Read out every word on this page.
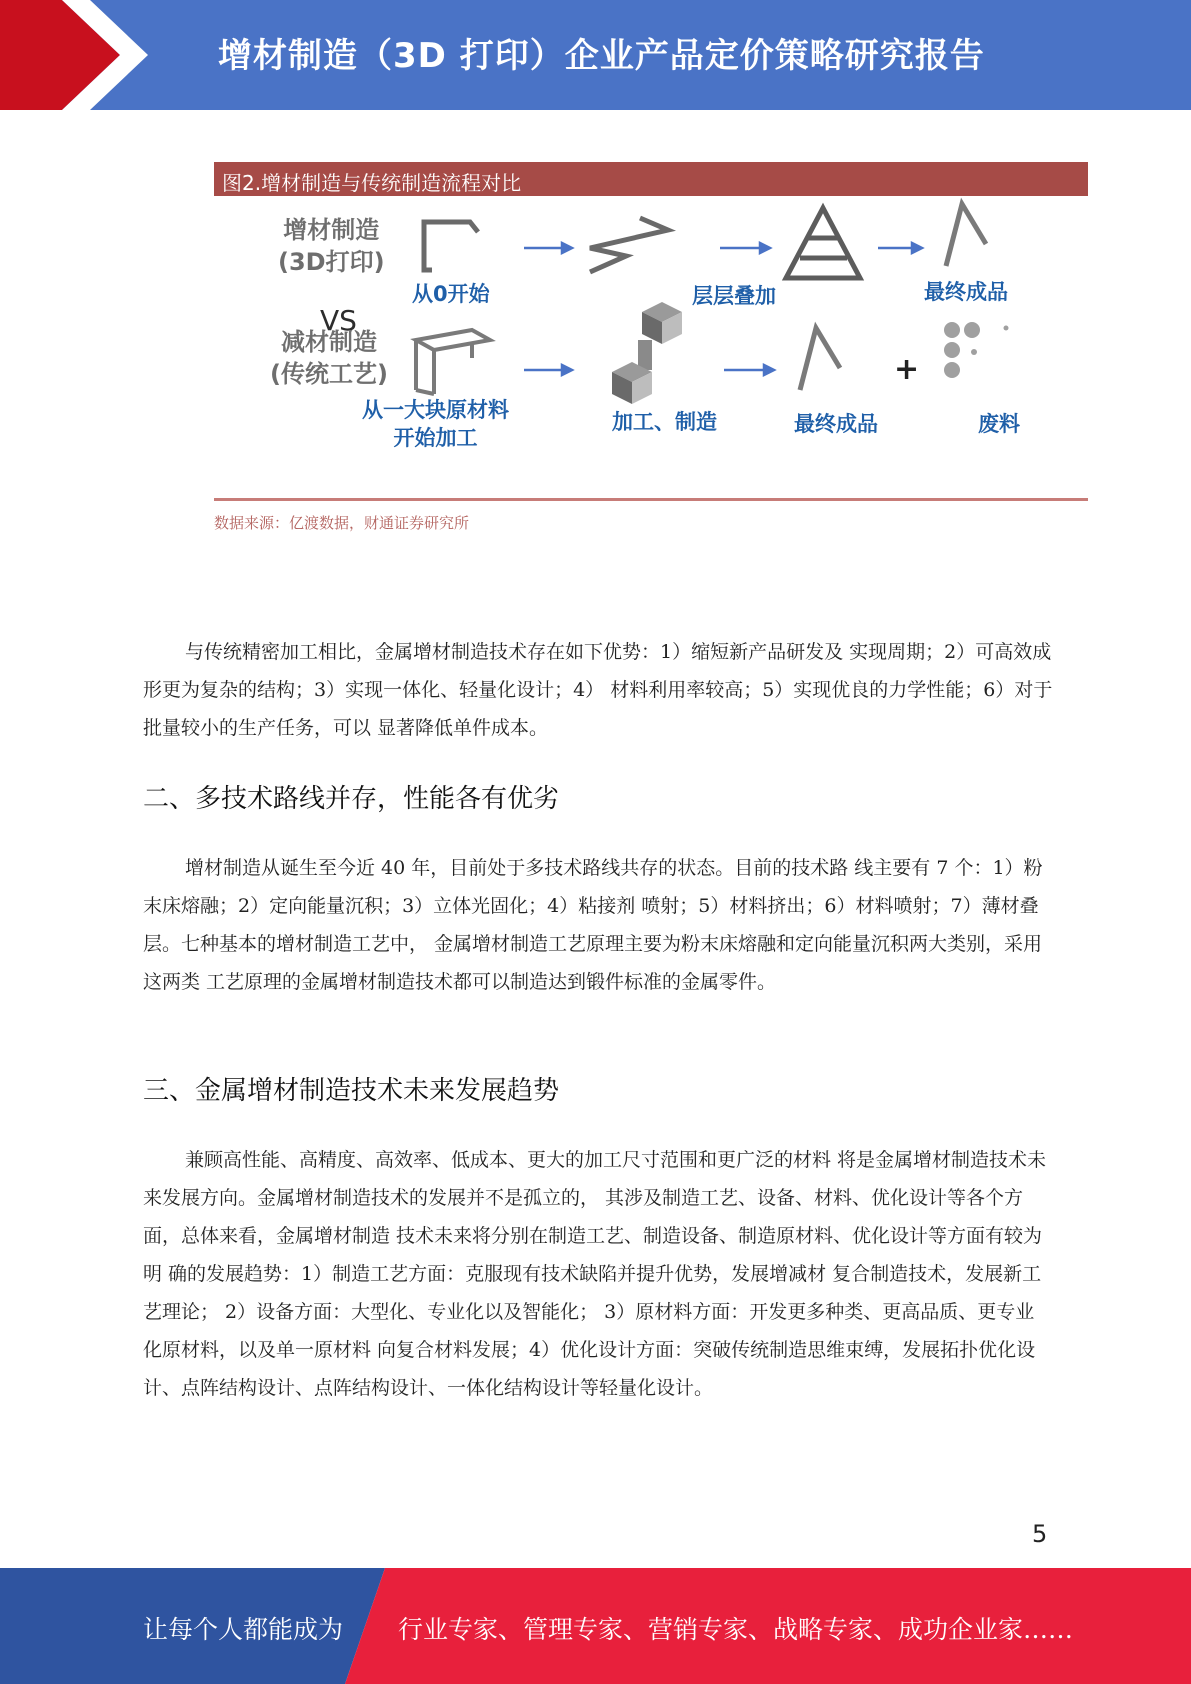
增材制造（3D 打印）企业产品定价策略研究报告
图2.增材制造与传统制造流程对比
增材制造
(3D打印)
VS
减材制造
(传统工艺)
从0开始	层层叠加	最终成品
从一大块原材料
开始加工
加工、制造	最终成品
+
废料
数据来源：亿渡数据，财通证券研究所

与传统精密加工相比，金属增材制造技术存在如下优势：1）缩短新产品研发及 实现周期；2）可高效成形更为复杂的结构；3）实现一体化、轻量化设计；4） 材料利用率较高；5）实现优良的力学性能；6）对于批量较小的生产任务，可以 显著降低单件成本。

二、多技术路线并存，性能各有优劣

增材制造从诞生至今近 40 年，目前处于多技术路线共存的状态。目前的技术路 线主要有 7 个：1）粉末床熔融；2）定向能量沉积；3）立体光固化；4）粘接剂 喷射；5）材料挤出；6）材料喷射；7）薄材叠层。七种基本的增材制造工艺中， 金属增材制造工艺原理主要为粉末床熔融和定向能量沉积两大类别，采用这两类 工艺原理的金属增材制造技术都可以制造达到锻件标准的金属零件。

三、金属增材制造技术未来发展趋势

兼顾高性能、高精度、高效率、低成本、更大的加工尺寸范围和更广泛的材料 将是金属增材制造技术未来发展方向。金属增材制造技术的发展并不是孤立的， 其涉及制造工艺、设备、材料、优化设计等各个方面，总体来看，金属增材制造 技术未来将分别在制造工艺、制造设备、制造原材料、优化设计等方面有较为明 确的发展趋势：1）制造工艺方面：克服现有技术缺陷并提升优势，发展增减材 复合制造技术，发展新工艺理论； 2）设备方面：大型化、专业化以及智能化； 3）原材料方面：开发更多种类、更高品质、更专业化原材料，以及单一原材料 向复合材料发展；4）优化设计方面：突破传统制造思维束缚，发展拓扑优化设 计、点阵结构设计、点阵结构设计、一体化结构设计等轻量化设计。

5
让每个人都能成为 行业专家、管理专家、营销专家、战略专家、成功企业家……
